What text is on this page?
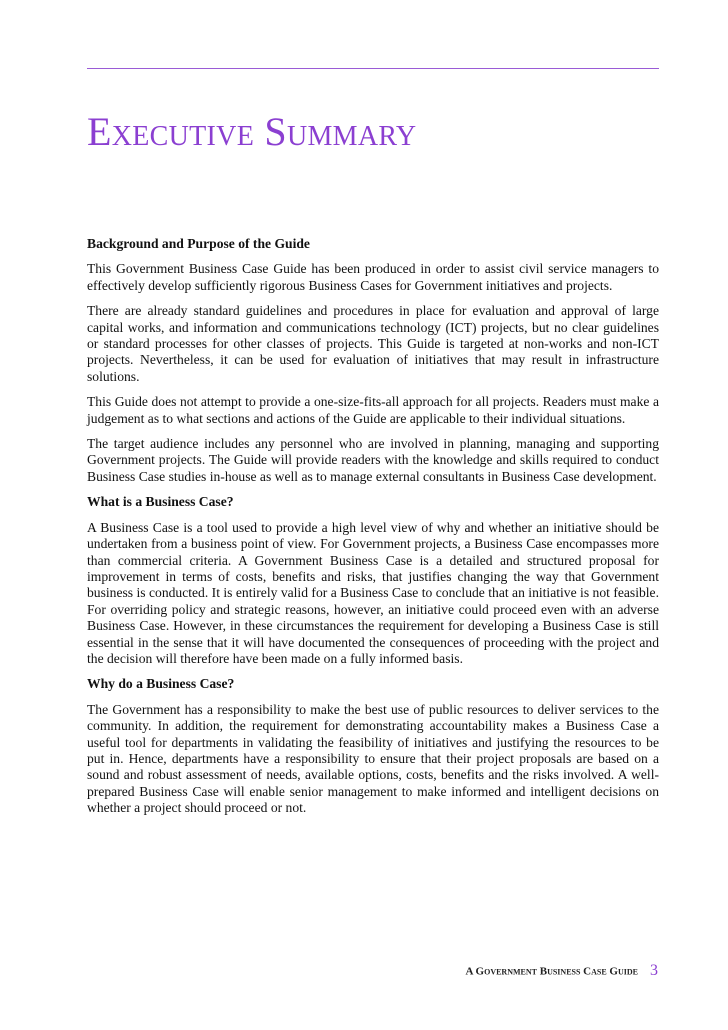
Executive Summary
Background and Purpose of the Guide

This Government Business Case Guide has been produced in order to assist civil service managers to effectively develop sufficiently rigorous Business Cases for Government initiatives and projects.

There are already standard guidelines and procedures in place for evaluation and approval of large capital works, and information and communications technology (ICT) projects, but no clear guidelines or standard processes for other classes of projects. This Guide is targeted at non-works and non-ICT projects. Nevertheless, it can be used for evaluation of initiatives that may result in infrastructure solutions.

This Guide does not attempt to provide a one-size-fits-all approach for all projects. Readers must make a judgement as to what sections and actions of the Guide are applicable to their individual situations.

The target audience includes any personnel who are involved in planning, managing and supporting Government projects. The Guide will provide readers with the knowledge and skills required to conduct Business Case studies in-house as well as to manage external consultants in Business Case development.

What is a Business Case?

A Business Case is a tool used to provide a high level view of why and whether an initiative should be undertaken from a business point of view. For Government projects, a Business Case encompasses more than commercial criteria. A Government Business Case is a detailed and structured proposal for improvement in terms of costs, benefits and risks, that justifies changing the way that Government business is conducted. It is entirely valid for a Business Case to conclude that an initiative is not feasible. For overriding policy and strategic reasons, however, an initiative could proceed even with an adverse Business Case. However, in these circumstances the requirement for developing a Business Case is still essential in the sense that it will have documented the consequences of proceeding with the project and the decision will therefore have been made on a fully informed basis.

Why do a Business Case?

The Government has a responsibility to make the best use of public resources to deliver services to the community. In addition, the requirement for demonstrating accountability makes a Business Case a useful tool for departments in validating the feasibility of initiatives and justifying the resources to be put in. Hence, departments have a responsibility to ensure that their project proposals are based on a sound and robust assessment of needs, available options, costs, benefits and the risks involved. A well-prepared Business Case will enable senior management to make informed and intelligent decisions on whether a project should proceed or not.

A Government Business Case Guide 3
